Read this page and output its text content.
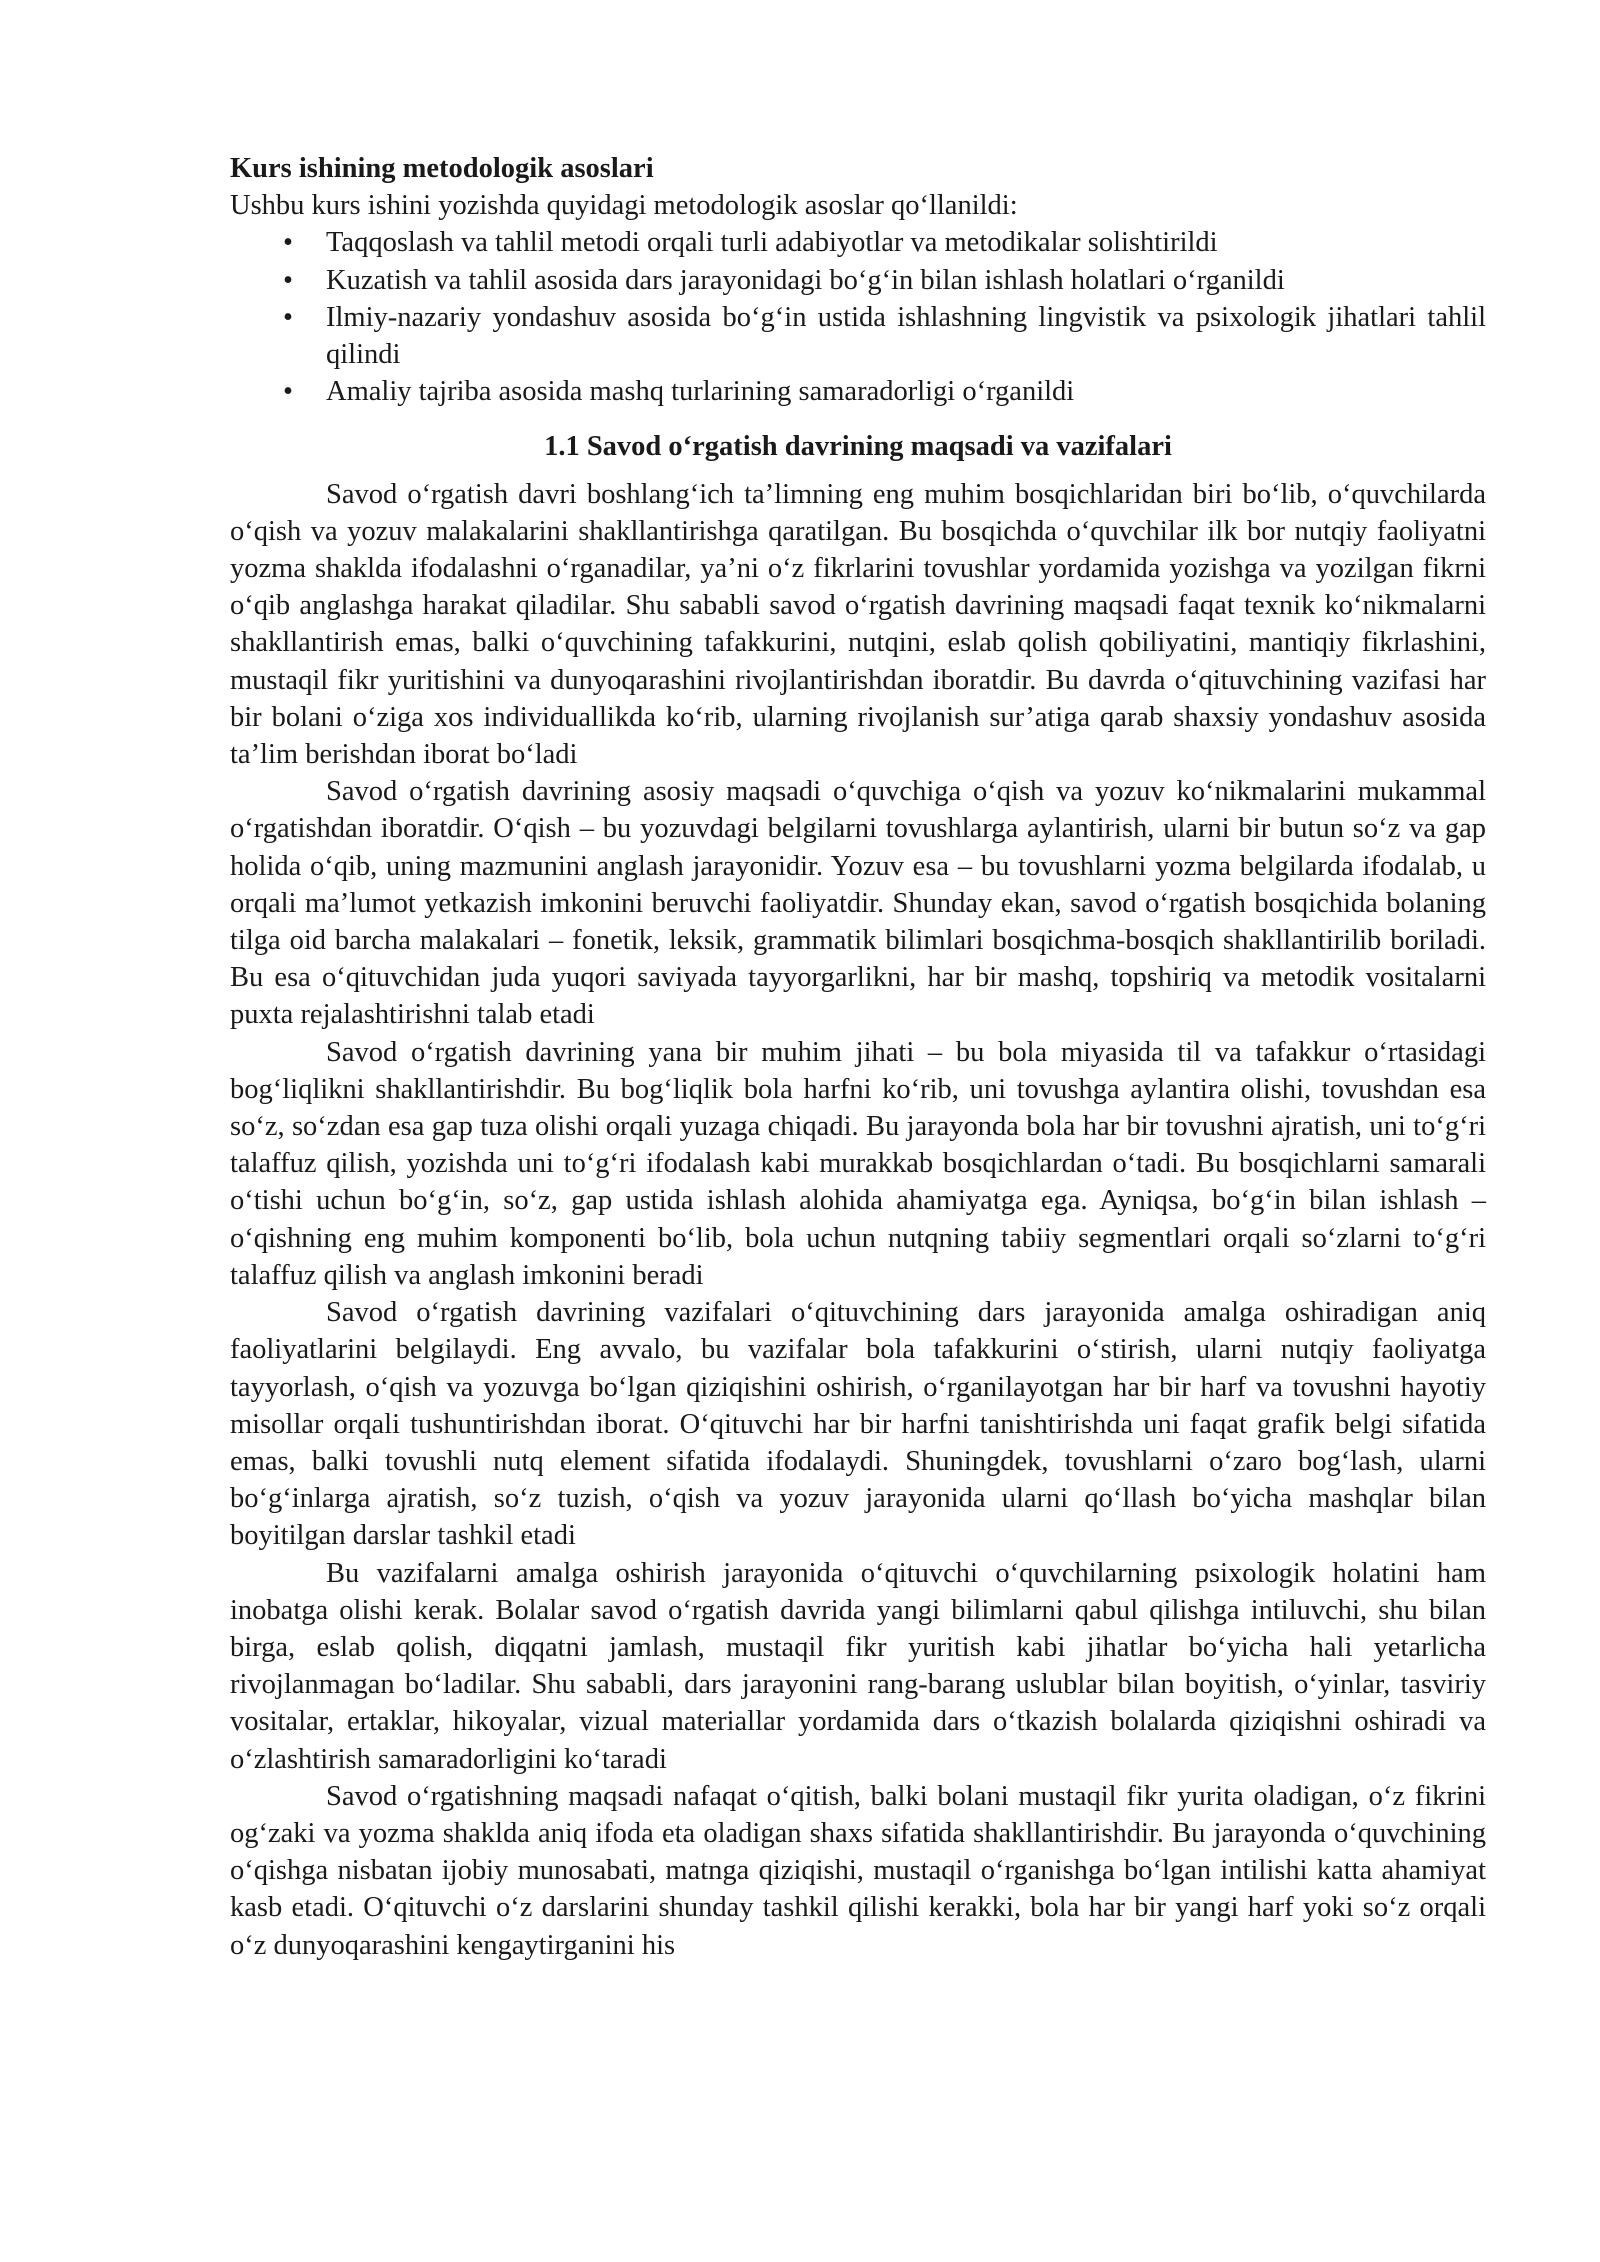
Kurs ishining metodologik asoslari

Ushbu kurs ishini yozishda quyidagi metodologik asoslar qo‘llanildi:

• Taqqoslash va tahlil metodi orqali turli adabiyotlar va metodikalar solishtirildi
• Kuzatish va tahlil asosida dars jarayonidagi bo‘g‘in bilan ishlash holatlari o‘rganildi
• Ilmiy-nazariy yondashuv asosida bo‘g‘in ustida ishlashning lingvistik va psixologik jihatlari tahlil qilindi
• Amaliy tajriba asosida mashq turlarining samaradorligi o‘rganildi

1.1 Savod o‘rgatish davrining maqsadi va vazifalari

Savod o‘rgatish davri boshlang‘ich ta’limning eng muhim bosqichlaridan biri bo‘lib, o‘quvchilarda o‘qish va yozuv malakalarini shakllantirishga qaratilgan. Bu bosqichda o‘quvchilar ilk bor nutqiy faoliyatni yozma shaklda ifodalashni o‘rganadilar, ya’ni o‘z fikrlarini tovushlar yordamida yozishga va yozilgan fikrni o‘qib anglashga harakat qiladilar. Shu sababli savod o‘rgatish davrining maqsadi faqat texnik ko‘nikmalarni shakllantirish emas, balki o‘quvchining tafakkurini, nutqini, eslab qolish qobiliyatini, mantiqiy fikrlashini, mustaqil fikr yuritishini va dunyoqarashini rivojlantirishdan iboratdir. Bu davrda o‘qituvchining vazifasi har bir bolani o‘ziga xos individuallikda ko‘rib, ularning rivojlanish sur’atiga qarab shaxsiy yondashuv asosida ta’lim berishdan iborat bo‘ladi

Savod o‘rgatish davrining asosiy maqsadi o‘quvchiga o‘qish va yozuv ko‘nikmalarini mukammal o‘rgatishdan iboratdir. O‘qish – bu yozuvdagi belgilarni tovushlarga aylantirish, ularni bir butun so‘z va gap holida o‘qib, uning mazmunini anglash jarayonidir. Yozuv esa – bu tovushlarni yozma belgilarda ifodalab, u orqali ma’lumot yetkazish imkonini beruvchi faoliyatdir. Shunday ekan, savod o‘rgatish bosqichida bolaning tilga oid barcha malakalari – fonetik, leksik, grammatik bilimlari bosqichma-bosqich shakllantirilib boriladi. Bu esa o‘qituvchidan juda yuqori saviyada tayyorgarlikni, har bir mashq, topshiriq va metodik vositalarni puxta rejalashtirishni talab etadi

Savod o‘rgatish davrining yana bir muhim jihati – bu bola miyasida til va tafakkur o‘rtasidagi bog‘liqlikni shakllantirishdir. Bu bog‘liqlik bola harfni ko‘rib, uni tovushga aylantira olishi, tovushdan esa so‘z, so‘zdan esa gap tuza olishi orqali yuzaga chiqadi. Bu jarayonda bola har bir tovushni ajratish, uni to‘g‘ri talaffuz qilish, yozishda uni to‘g‘ri ifodalash kabi murakkab bosqichlardan o‘tadi. Bu bosqichlarni samarali o‘tishi uchun bo‘g‘in, so‘z, gap ustida ishlash alohida ahamiyatga ega. Ayniqsa, bo‘g‘in bilan ishlash – o‘qishning eng muhim komponenti bo‘lib, bola uchun nutqning tabiiy segmentlari orqali so‘zlarni to‘g‘ri talaffuz qilish va anglash imkonini beradi

Savod o‘rgatish davrining vazifalari o‘qituvchining dars jarayonida amalga oshiradigan aniq faoliyatlarini belgilaydi. Eng avvalo, bu vazifalar bola tafakkurini o‘stirish, ularni nutqiy faoliyatga tayyorlash, o‘qish va yozuvga bo‘lgan qiziqishini oshirish, o‘rganilayotgan har bir harf va tovushni hayotiy misollar orqali tushuntirishdan iborat. O‘qituvchi har bir harfni tanishtirishda uni faqat grafik belgi sifatida emas, balki tovushli nutq element sifatida ifodalaydi. Shuningdek, tovushlarni o‘zaro bog‘lash, ularni bo‘g‘inlarga ajratish, so‘z tuzish, o‘qish va yozuv jarayonida ularni qo‘llash bo‘yicha mashqlar bilan boyitilgan darslar tashkil etadi

Bu vazifalarni amalga oshirish jarayonida o‘qituvchi o‘quvchilarning psixologik holatini ham inobatga olishi kerak. Bolalar savod o‘rgatish davrida yangi bilimlarni qabul qilishga intiluvchi, shu bilan birga, eslab qolish, diqqatni jamlash, mustaqil fikr yuritish kabi jihatlar bo‘yicha hali yetarlicha rivojlanmagan bo‘ladilar. Shu sababli, dars jarayonini rang-barang uslublar bilan boyitish, o‘yinlar, tasviriy vositalar, ertaklar, hikoyalar, vizual materiallar yordamida dars o‘tkazish bolalarda qiziqishni oshiradi va o‘zlashtirish samaradorligini ko‘taradi

Savod o‘rgatishning maqsadi nafaqat o‘qitish, balki bolani mustaqil fikr yurita oladigan, o‘z fikrini og‘zaki va yozma shaklda aniq ifoda eta oladigan shaxs sifatida shakllantirishdir. Bu jarayonda o‘quvchining o‘qishga nisbatan ijobiy munosabati, matnga qiziqishi, mustaqil o‘rganishga bo‘lgan intilishi katta ahamiyat kasb etadi. O‘qituvchi o‘z darslarini shunday tashkil qilishi kerakki, bola har bir yangi harf yoki so‘z orqali o‘z dunyoqarashini kengaytirganini his
